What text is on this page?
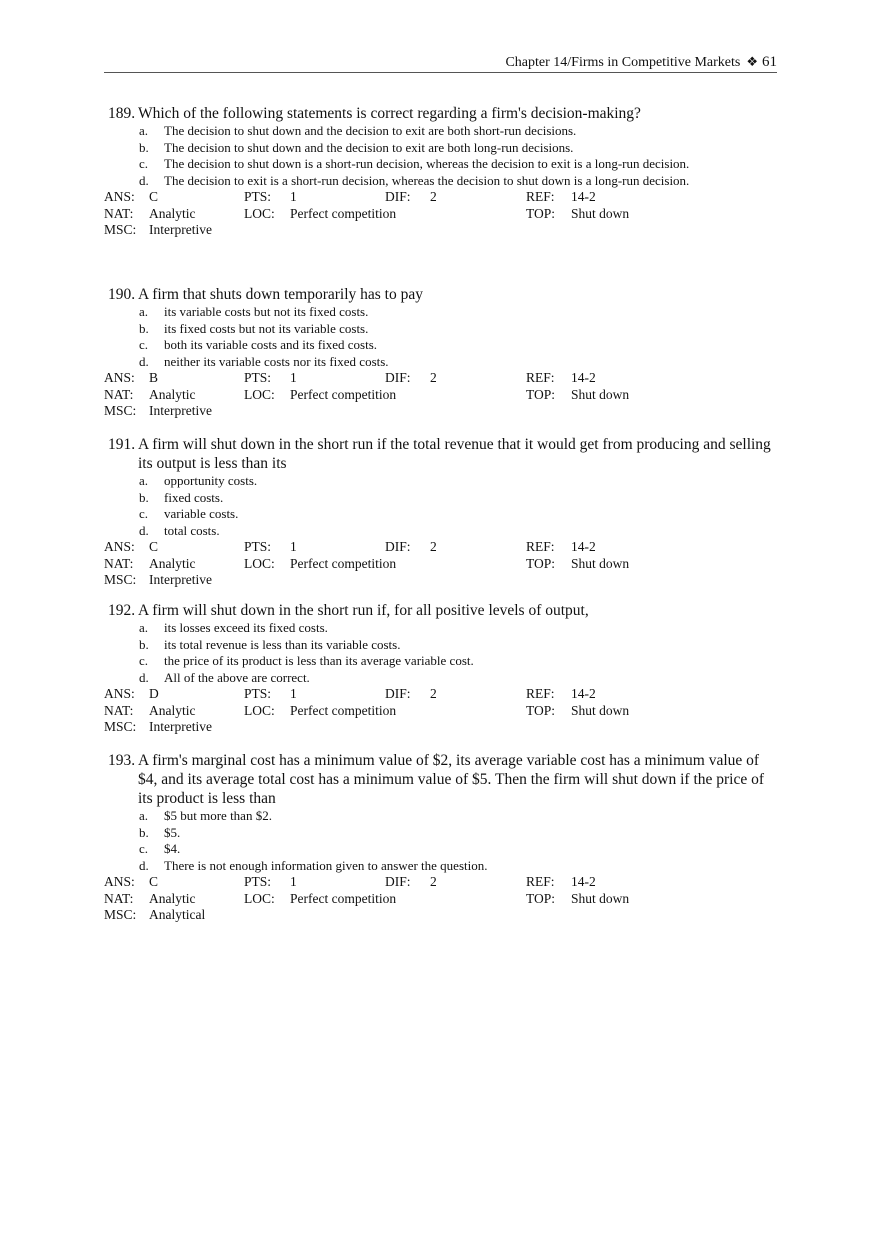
Chapter 14/Firms in Competitive Markets ❖ 61
189. Which of the following statements is correct regarding a firm's decision-making?
a. The decision to shut down and the decision to exit are both short-run decisions.
b. The decision to shut down and the decision to exit are both long-run decisions.
c. The decision to shut down is a short-run decision, whereas the decision to exit is a long-run decision.
d. The decision to exit is a short-run decision, whereas the decision to shut down is a long-run decision.
ANS: C	PTS: 1	DIF: 2	REF: 14-2
NAT: Analytic	LOC: Perfect competition	TOP: Shut down
MSC: Interpretive
190. A firm that shuts down temporarily has to pay
a. its variable costs but not its fixed costs.
b. its fixed costs but not its variable costs.
c. both its variable costs and its fixed costs.
d. neither its variable costs nor its fixed costs.
ANS: B	PTS: 1	DIF: 2	REF: 14-2
NAT: Analytic	LOC: Perfect competition	TOP: Shut down
MSC: Interpretive
191. A firm will shut down in the short run if the total revenue that it would get from producing and selling its output is less than its
a. opportunity costs.
b. fixed costs.
c. variable costs.
d. total costs.
ANS: C	PTS: 1	DIF: 2	REF: 14-2
NAT: Analytic	LOC: Perfect competition	TOP: Shut down
MSC: Interpretive
192. A firm will shut down in the short run if, for all positive levels of output,
a. its losses exceed its fixed costs.
b. its total revenue is less than its variable costs.
c. the price of its product is less than its average variable cost.
d. All of the above are correct.
ANS: D	PTS: 1	DIF: 2	REF: 14-2
NAT: Analytic	LOC: Perfect competition	TOP: Shut down
MSC: Interpretive
193. A firm's marginal cost has a minimum value of $2, its average variable cost has a minimum value of $4, and its average total cost has a minimum value of $5. Then the firm will shut down if the price of its product is less than
a. $5 but more than $2.
b. $5.
c. $4.
d. There is not enough information given to answer the question.
ANS: C	PTS: 1	DIF: 2	REF: 14-2
NAT: Analytic	LOC: Perfect competition	TOP: Shut down
MSC: Analytical
